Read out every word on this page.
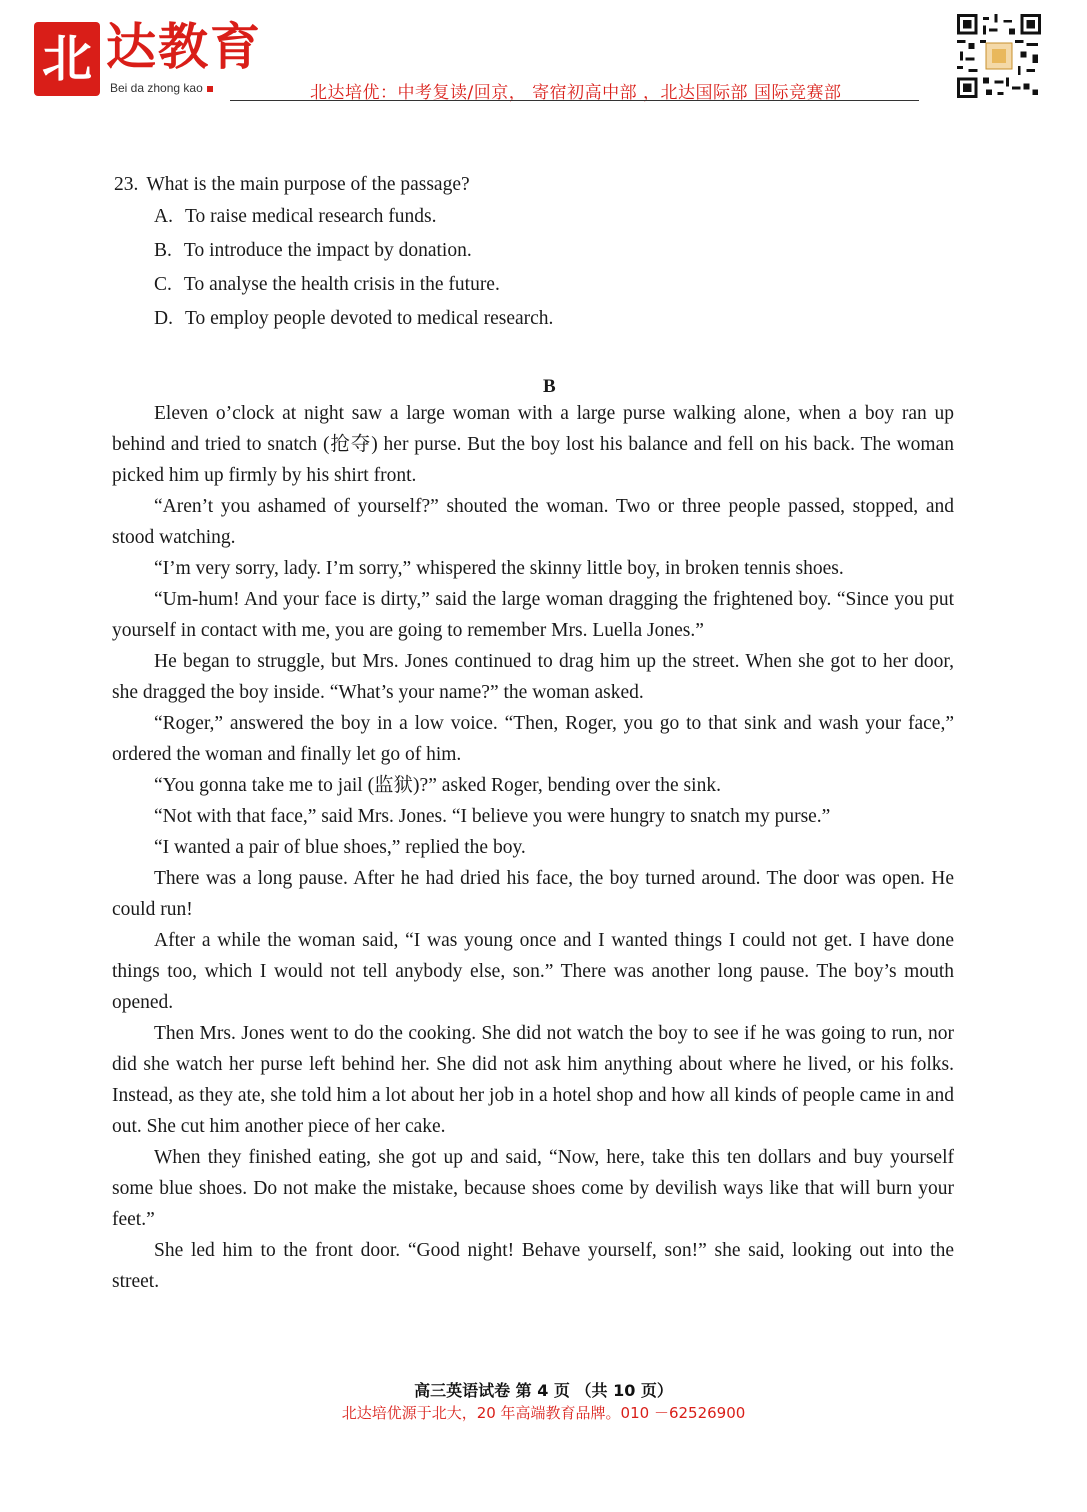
北 达教育
Bei da zhong kao	北达培优：中考复读/回京， 寄宿初高中部 ，北达国际部 国际竞赛部
23. What is the main purpose of the passage?
A. To raise medical research funds.
B. To introduce the impact by donation.
C. To analyse the health crisis in the future.
D. To employ people devoted to medical research.
B

Eleven o’clock at night saw a large woman with a large purse walking alone, when a boy ran up behind and tried to snatch (抢夺) her purse. But the boy lost his balance and fell on his back. The woman picked him up firmly by his shirt front.

“Aren’t you ashamed of yourself?” shouted the woman. Two or three people passed, stopped, and stood watching.

“I’m very sorry, lady. I’m sorry,” whispered the skinny little boy, in broken tennis shoes.

“Um-hum! And your face is dirty,” said the large woman dragging the frightened boy. “Since you put yourself in contact with me, you are going to remember Mrs. Luella Jones.”

He began to struggle, but Mrs. Jones continued to drag him up the street. When she got to her door, she dragged the boy inside. “What’s your name?” the woman asked.

“Roger,” answered the boy in a low voice. “Then, Roger, you go to that sink and wash your face,” ordered the woman and finally let go of him.

“You gonna take me to jail (监狱)?” asked Roger, bending over the sink.

“Not with that face,” said Mrs. Jones. “I believe you were hungry to snatch my purse.”

“I wanted a pair of blue shoes,” replied the boy.

There was a long pause. After he had dried his face, the boy turned around. The door was open. He could run!

After a while the woman said, “I was young once and I wanted things I could not get. I have done things too, which I would not tell anybody else, son.” There was another long pause. The boy’s mouth opened.

Then Mrs. Jones went to do the cooking. She did not watch the boy to see if he was going to run, nor did she watch her purse left behind her. She did not ask him anything about where he lived, or his folks. Instead, as they ate, she told him a lot about her job in a hotel shop and how all kinds of people came in and out. She cut him another piece of her cake.

When they finished eating, she got up and said, “Now, here, take this ten dollars and buy yourself some blue shoes. Do not make the mistake, because shoes come by devilish ways like that will burn your feet.”

She led him to the front door. “Good night! Behave yourself, son!” she said, looking out into the street.

高三英语试卷 第 4 页 （共 10 页）
北达培优源于北大，20 年高端教育品牌。010 －62526900
